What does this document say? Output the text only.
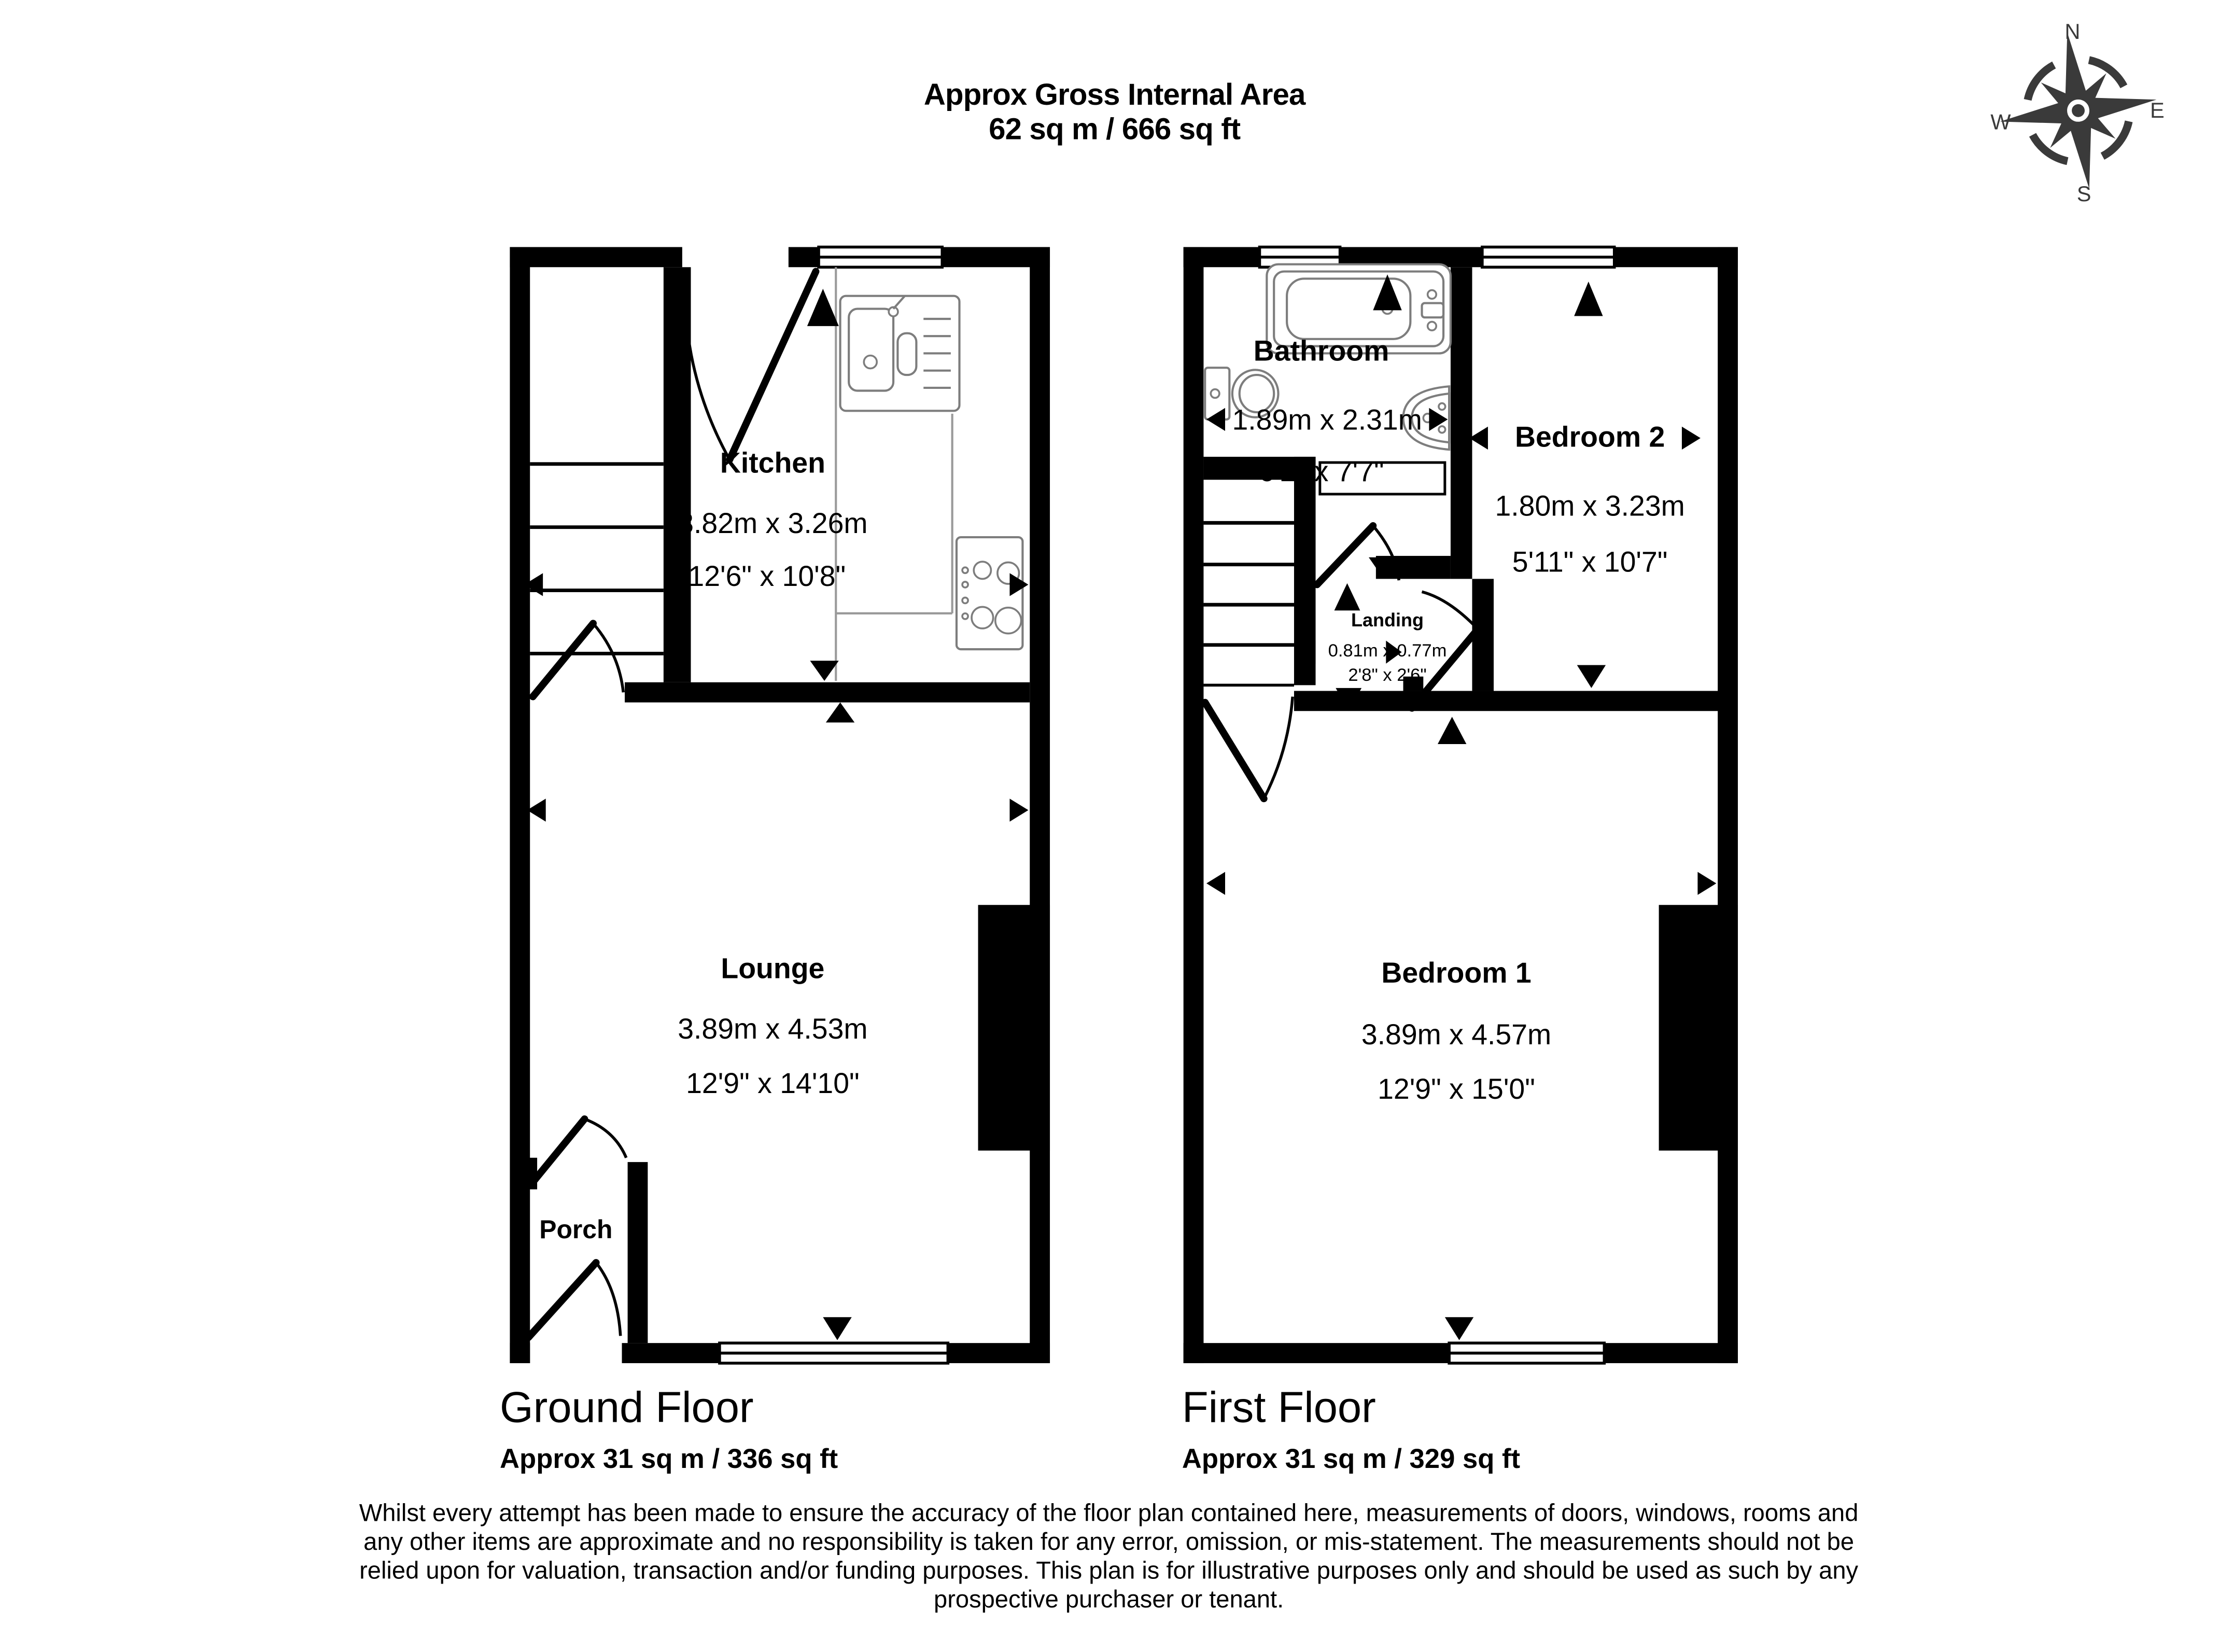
Approx Gross Internal Area
62 sq m / 666 sq ft
N
E
S
W
Kitchen
3.82m x 3.26m
12'6" x 10'8"
Lounge
3.89m x 4.53m
12'9" x 14'10"
Porch
Bathroom
1.89m x 2.31m
6'2" x 7'7"
Bedroom 2
1.80m x 3.23m
5'11" x 10'7"
Landing
0.81m x 0.77m
2'8" x 2'6"
Bedroom 1
3.89m x 4.57m
12'9" x 15'0"
Ground Floor
Approx 31 sq m / 336 sq ft
First Floor
Approx 31 sq m / 329 sq ft
Whilst every attempt has been made to ensure the accuracy of the floor plan contained here, measurements of doors, windows, rooms and
any other items are approximate and no responsibility is taken for any error, omission, or mis-statement. The measurements should not be
relied upon for valuation, transaction and/or funding purposes. This plan is for illustrative purposes only and should be used as such by any
prospective purchaser or tenant.
